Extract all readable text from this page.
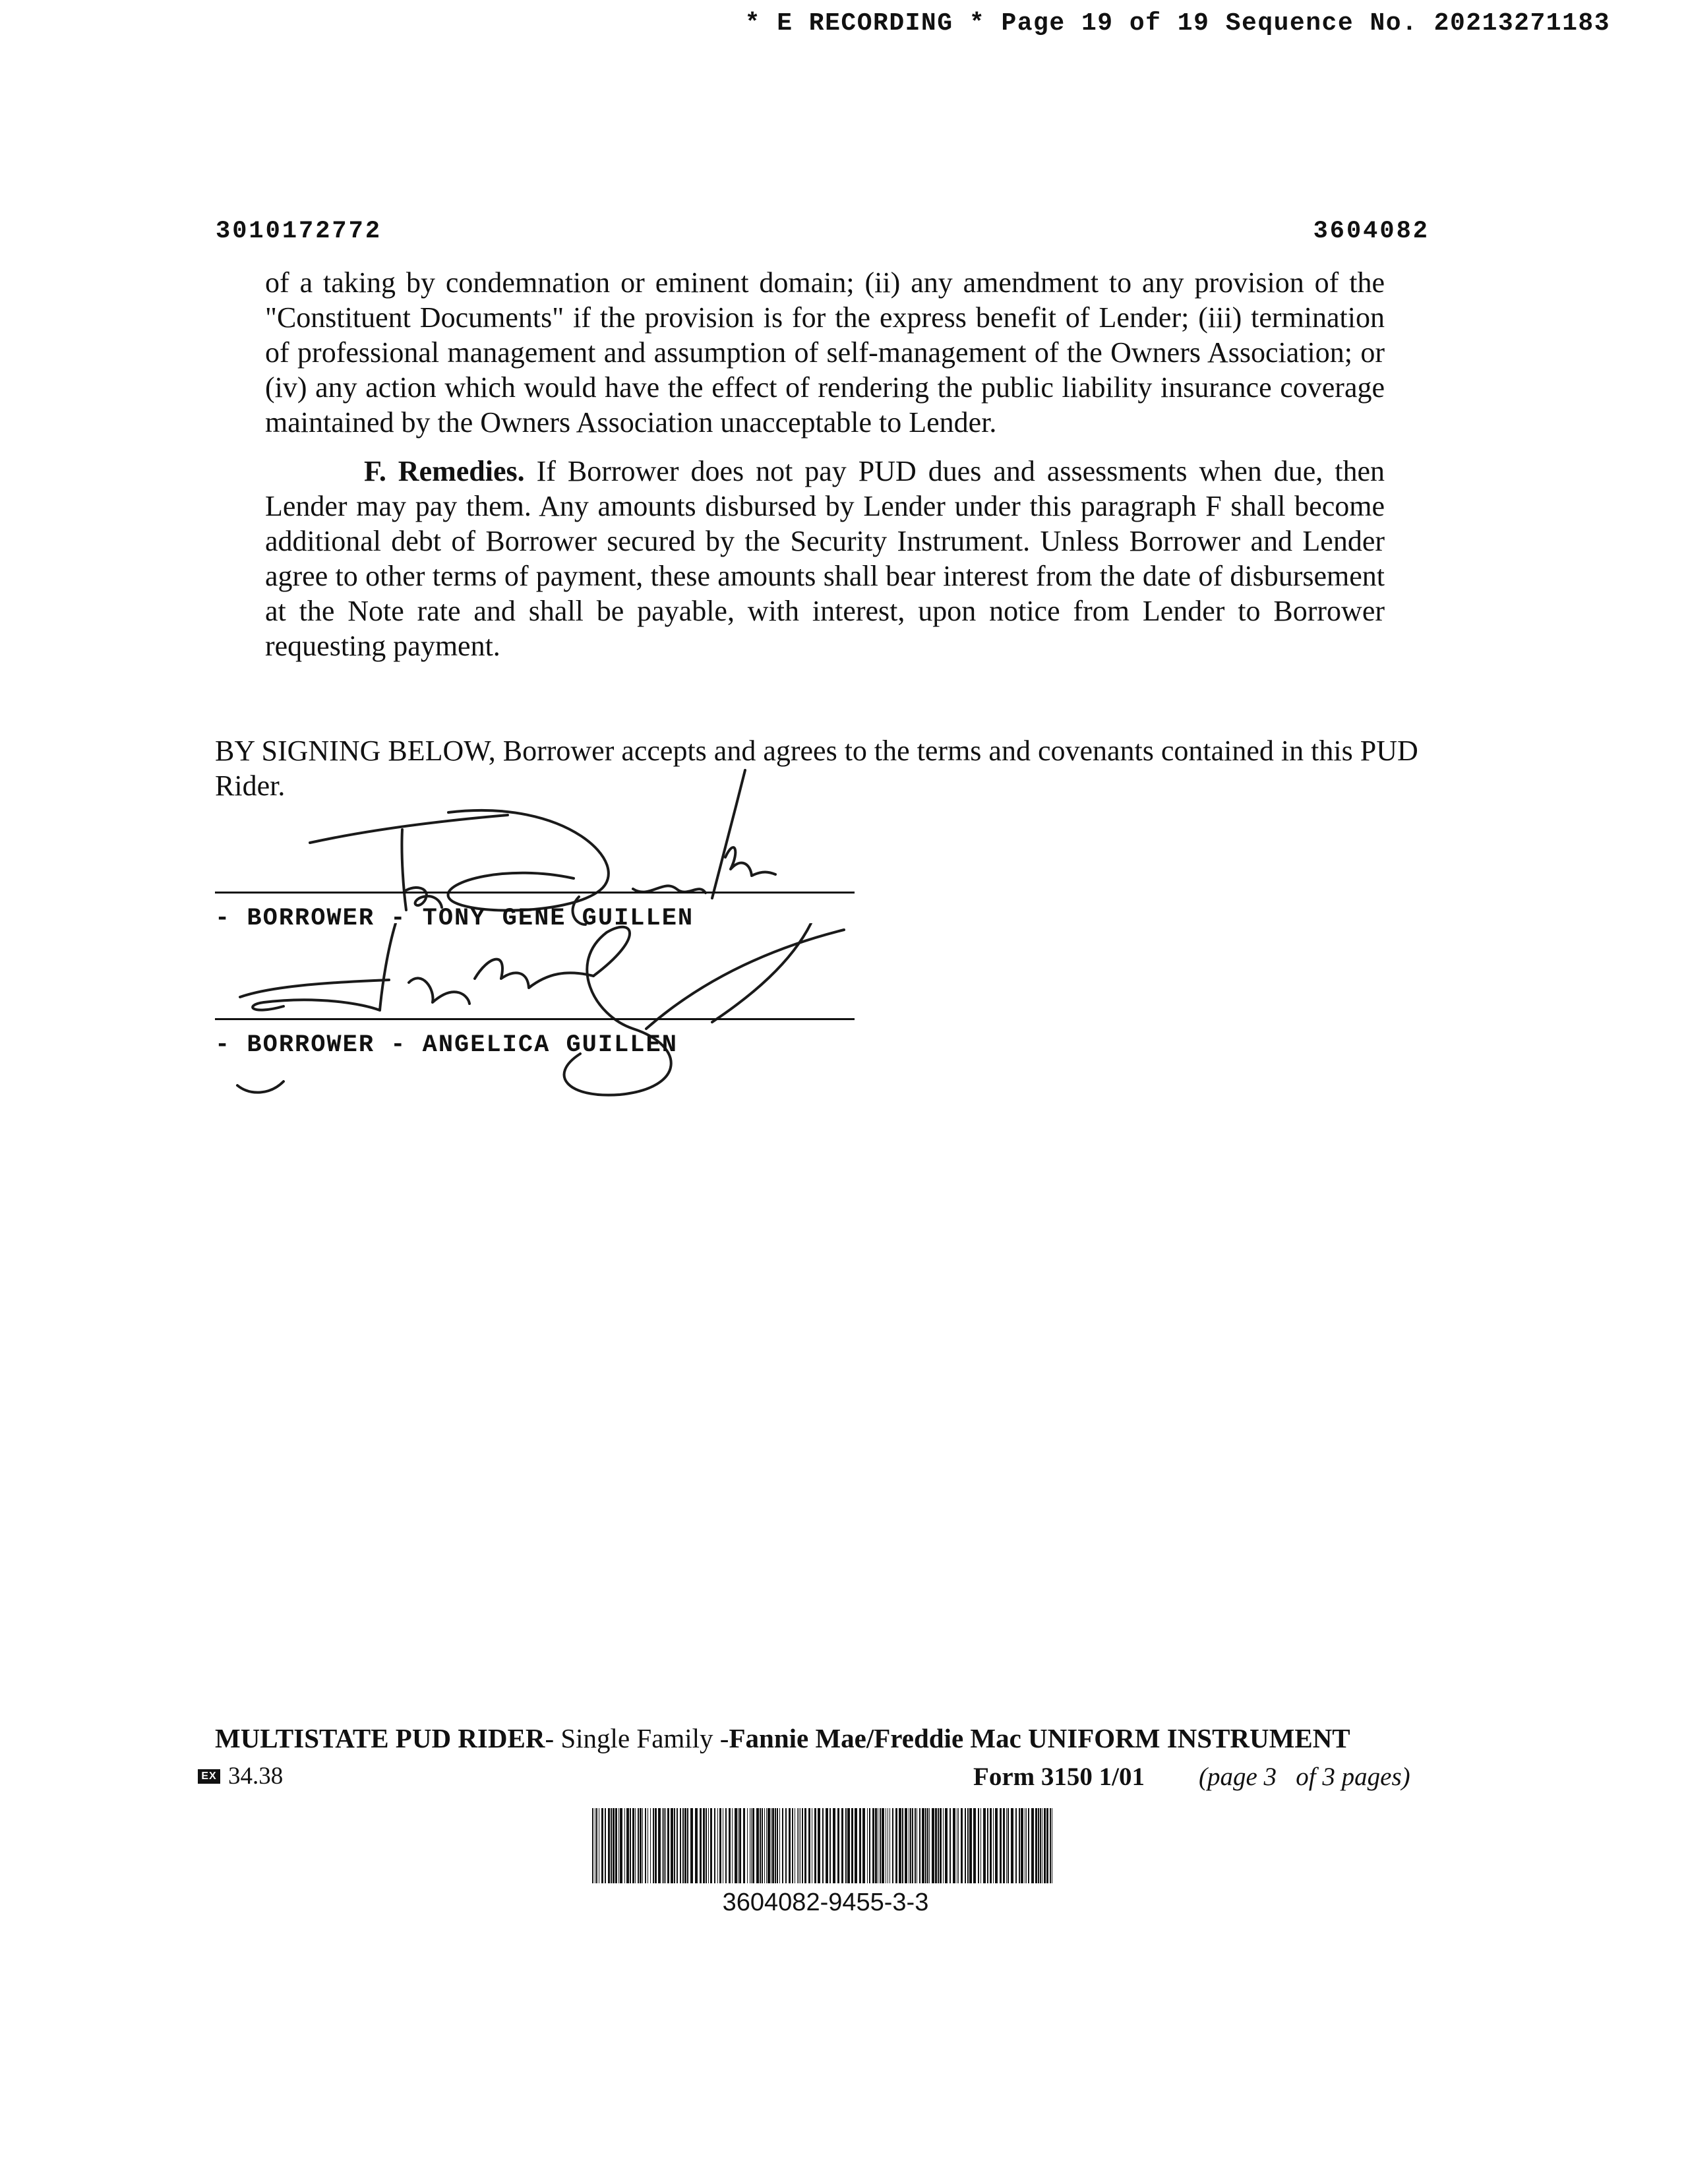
* E RECORDING * Page 19 of 19 Sequence No. 20213271183
3010172772	3604082

of a taking by condemnation or eminent domain; (ii) any amendment to any provision of the "Constituent Documents" if the provision is for the express benefit of Lender; (iii) termination of professional management and assumption of self-management of the Owners Association; or (iv) any action which would have the effect of rendering the public liability insurance coverage maintained by the Owners Association unacceptable to Lender.

F. Remedies. If Borrower does not pay PUD dues and assessments when due, then Lender may pay them. Any amounts disbursed by Lender under this paragraph F shall become additional debt of Borrower secured by the Security Instrument. Unless Borrower and Lender agree to other terms of payment, these amounts shall bear interest from the date of disbursement at the Note rate and shall be payable, with interest, upon notice from Lender to Borrower requesting payment.

BY SIGNING BELOW, Borrower accepts and agrees to the terms and covenants contained in this PUD Rider.

- BORROWER - TONY GENE GUILLEN
- BORROWER - ANGELICA GUILLEN
MULTISTATE PUD RIDER- Single Family -Fannie Mae/Freddie Mac UNIFORM INSTRUMENT
EX 34.38	Form 3150 1/01 (page 3   of 3 pages)
3604082-9455-3-3
